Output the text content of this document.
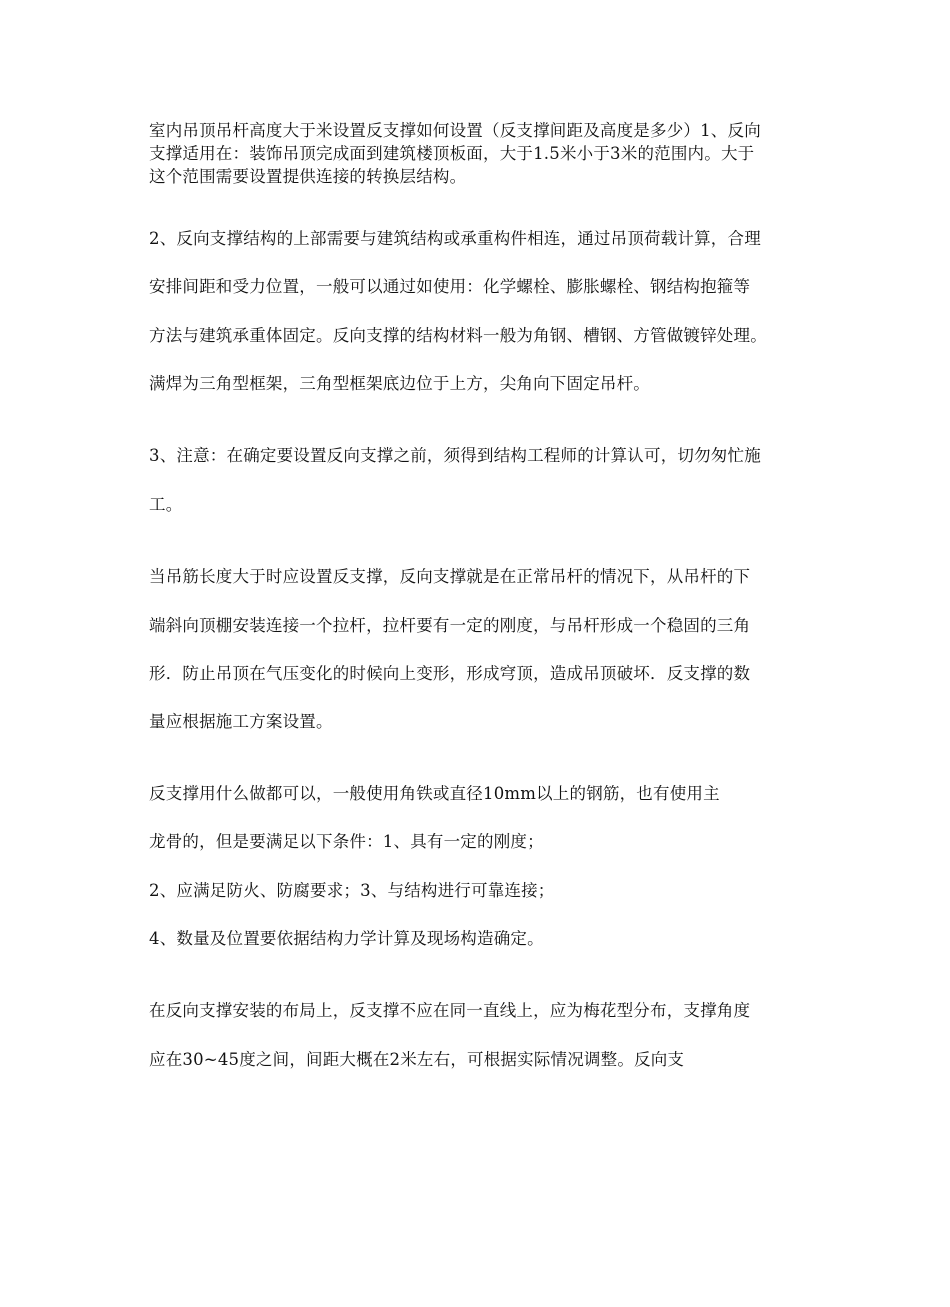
室内吊顶吊杆高度大于米设置反支撑如何设置（反支撑间距及高度是多少）1、反向
支撑适用在：装饰吊顶完成面到建筑楼顶板面，大于1.5米小于3米的范围内。大于
这个范围需要设置提供连接的转换层结构。
2、反向支撑结构的上部需要与建筑结构或承重构件相连，通过吊顶荷载计算，合理
安排间距和受力位置，一般可以通过如使用：化学螺栓、膨胀螺栓、钢结构抱箍等
方法与建筑承重体固定。反向支撑的结构材料一般为角钢、槽钢、方管做镀锌处理。
满焊为三角型框架，三角型框架底边位于上方，尖角向下固定吊杆。
3、注意：在确定要设置反向支撑之前，须得到结构工程师的计算认可，切勿匆忙施
工。
当吊筋长度大于时应设置反支撑，反向支撑就是在正常吊杆的情况下，从吊杆的下
端斜向顶棚安装连接一个拉杆，拉杆要有一定的刚度，与吊杆形成一个稳固的三角
形．防止吊顶在气压变化的时候向上变形，形成穹顶，造成吊顶破坏．反支撑的数
量应根据施工方案设置。
反支撑用什么做都可以，一般使用角铁或直径10mm以上的钢筋，也有使用主
龙骨的，但是要满足以下条件：1、具有一定的刚度；
2、应满足防火、防腐要求；3、与结构进行可靠连接；
4、数量及位置要依据结构力学计算及现场构造确定。
在反向支撑安装的布局上，反支撑不应在同一直线上，应为梅花型分布，支撑角度
应在30~45度之间，间距大概在2米左右，可根据实际情况调整。反向支
